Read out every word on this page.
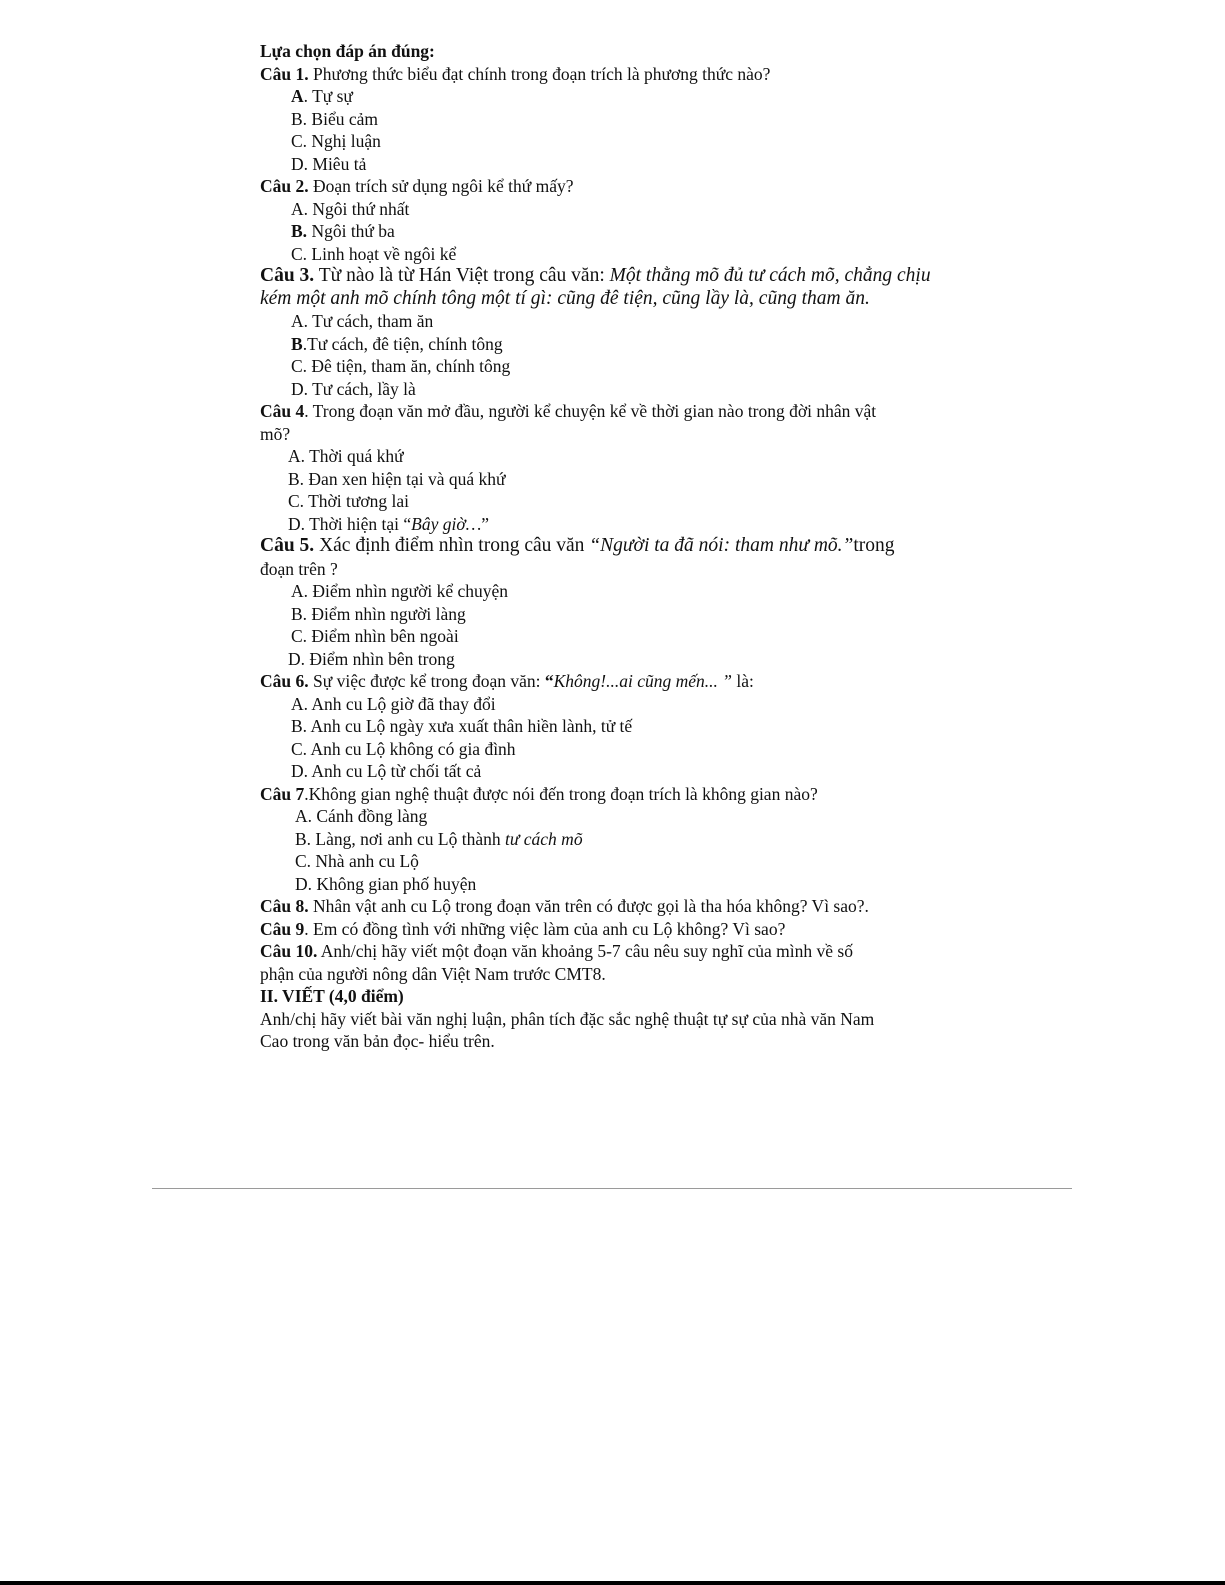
Lựa chọn đáp án đúng:
Câu 1. Phương thức biểu đạt chính trong đoạn trích là phương thức nào?
A. Tự sự
B. Biểu cảm
C. Nghị luận
D. Miêu tả
Câu 2. Đoạn trích sử dụng ngôi kể thứ mấy?
A. Ngôi thứ nhất
B. Ngôi thứ ba
C. Linh hoạt về ngôi kể
Câu 3. Từ nào là từ Hán Việt trong câu văn: Một thằng mõ đủ tư cách mõ, chẳng chịu
kém một anh mõ chính tông một tí gì: cũng đê tiện, cũng lầy là, cũng tham ăn.
A. Tư cách, tham ăn
B.Tư cách, đê tiện, chính tông
C. Đê tiện, tham ăn, chính tông
D. Tư cách, lầy là
Câu 4. Trong đoạn văn mở đầu, người kể chuyện kể về thời gian nào trong đời nhân vật
mõ?
A. Thời quá khứ
B. Đan xen hiện tại và quá khứ
C. Thời tương lai
D. Thời hiện tại “Bây giờ…”
Câu 5. Xác định điểm nhìn trong câu văn “Người ta đã nói: tham như mõ.”trong
đoạn trên ?
A. Điểm nhìn người kể chuyện
B. Điểm nhìn người làng
C. Điểm nhìn bên ngoài
D. Điểm nhìn bên trong
Câu 6. Sự việc được kể trong đoạn văn: “Không!...ai cũng mến... ” là:
A. Anh cu Lộ giờ đã thay đổi
B. Anh cu Lộ ngày xưa xuất thân hiền lành, tử tế
C. Anh cu Lộ không có gia đình
D. Anh cu Lộ từ chối tất cả
Câu 7.Không gian nghệ thuật được nói đến trong đoạn trích là không gian nào?
A. Cánh đồng làng
B. Làng, nơi anh cu Lộ thành tư cách mõ
C. Nhà anh cu Lộ
D. Không gian phố huyện
Câu 8. Nhân vật anh cu Lộ trong đoạn văn trên có được gọi là tha hóa không? Vì sao?.
Câu 9. Em có đồng tình với những việc làm của anh cu Lộ không? Vì sao?
Câu 10. Anh/chị hãy viết một đoạn văn khoảng 5-7 câu nêu suy nghĩ của mình về số
phận của người nông dân Việt Nam trước CMT8.
II. VIẾT (4,0 điểm)
Anh/chị hãy viết bài văn nghị luận, phân tích đặc sắc nghệ thuật tự sự của nhà văn Nam
Cao trong văn bản đọc- hiểu trên.
